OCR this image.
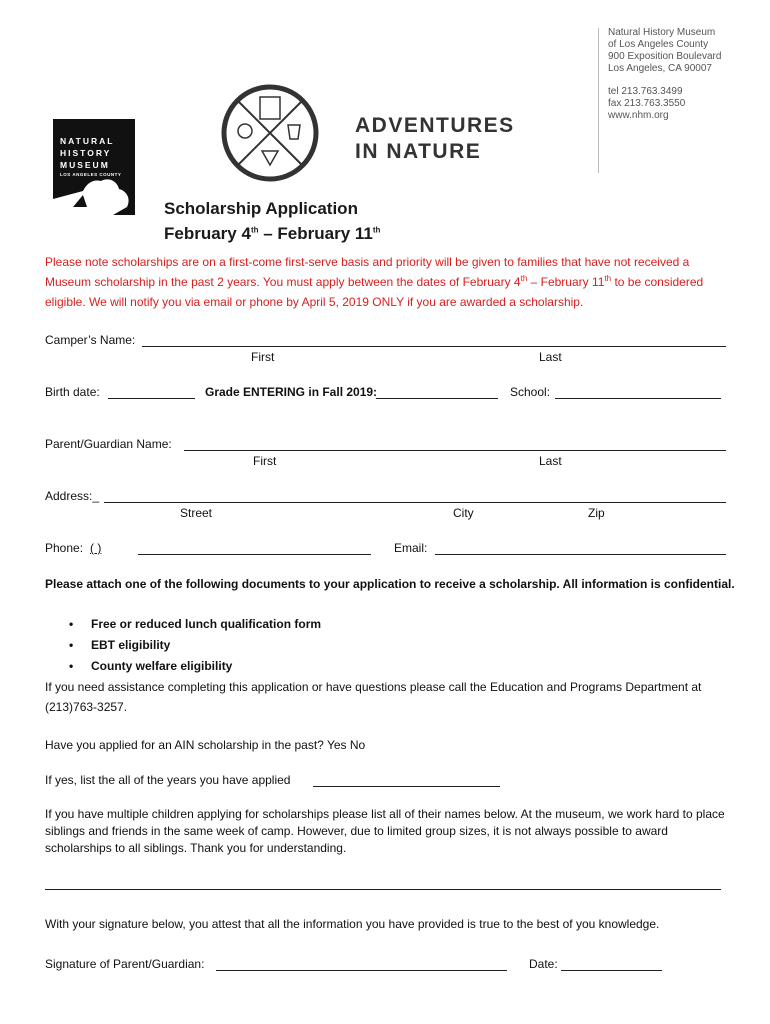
NATURAL
HISTORY
MUSEUM
LOS ANGELES COUNTY
ADVENTURES
IN NATURE
Natural History Museum
of Los Angeles County
900 Exposition Boulevard
Los Angeles, CA 90007
tel 213.763.3499
fax 213.763.3550
www.nhm.org
Scholarship Application
February 4th – February 11th
Please note scholarships are on a first-come first-serve basis and priority will be given to families that have not received a Museum scholarship in the past 2 years. You must apply between the dates of February 4th – February 11th to be considered eligible. We will notify you via email or phone by April 5, 2019 ONLY if you are awarded a scholarship.
Camper’s Name:
First	Last
Birth date:	Grade ENTERING in Fall 2019:	School:
Parent/Guardian Name:
First	Last
Address:_
Street	City	Zip
Phone: ( )	Email:
Please attach one of the following documents to your application to receive a scholarship. All information is confidential.
• Free or reduced lunch qualification form
• EBT eligibility
• County welfare eligibility
If you need assistance completing this application or have questions please call the Education and Programs Department at (213)763-3257.
Have you applied for an AIN scholarship in the past? Yes No
If yes, list the all of the years you have applied
If you have multiple children applying for scholarships please list all of their names below. At the museum, we work hard to place siblings and friends in the same week of camp. However, due to limited group sizes, it is not always possible to award scholarships to all siblings. Thank you for understanding.
With your signature below, you attest that all the information you have provided is true to the best of you knowledge.
Signature of Parent/Guardian:	Date:
